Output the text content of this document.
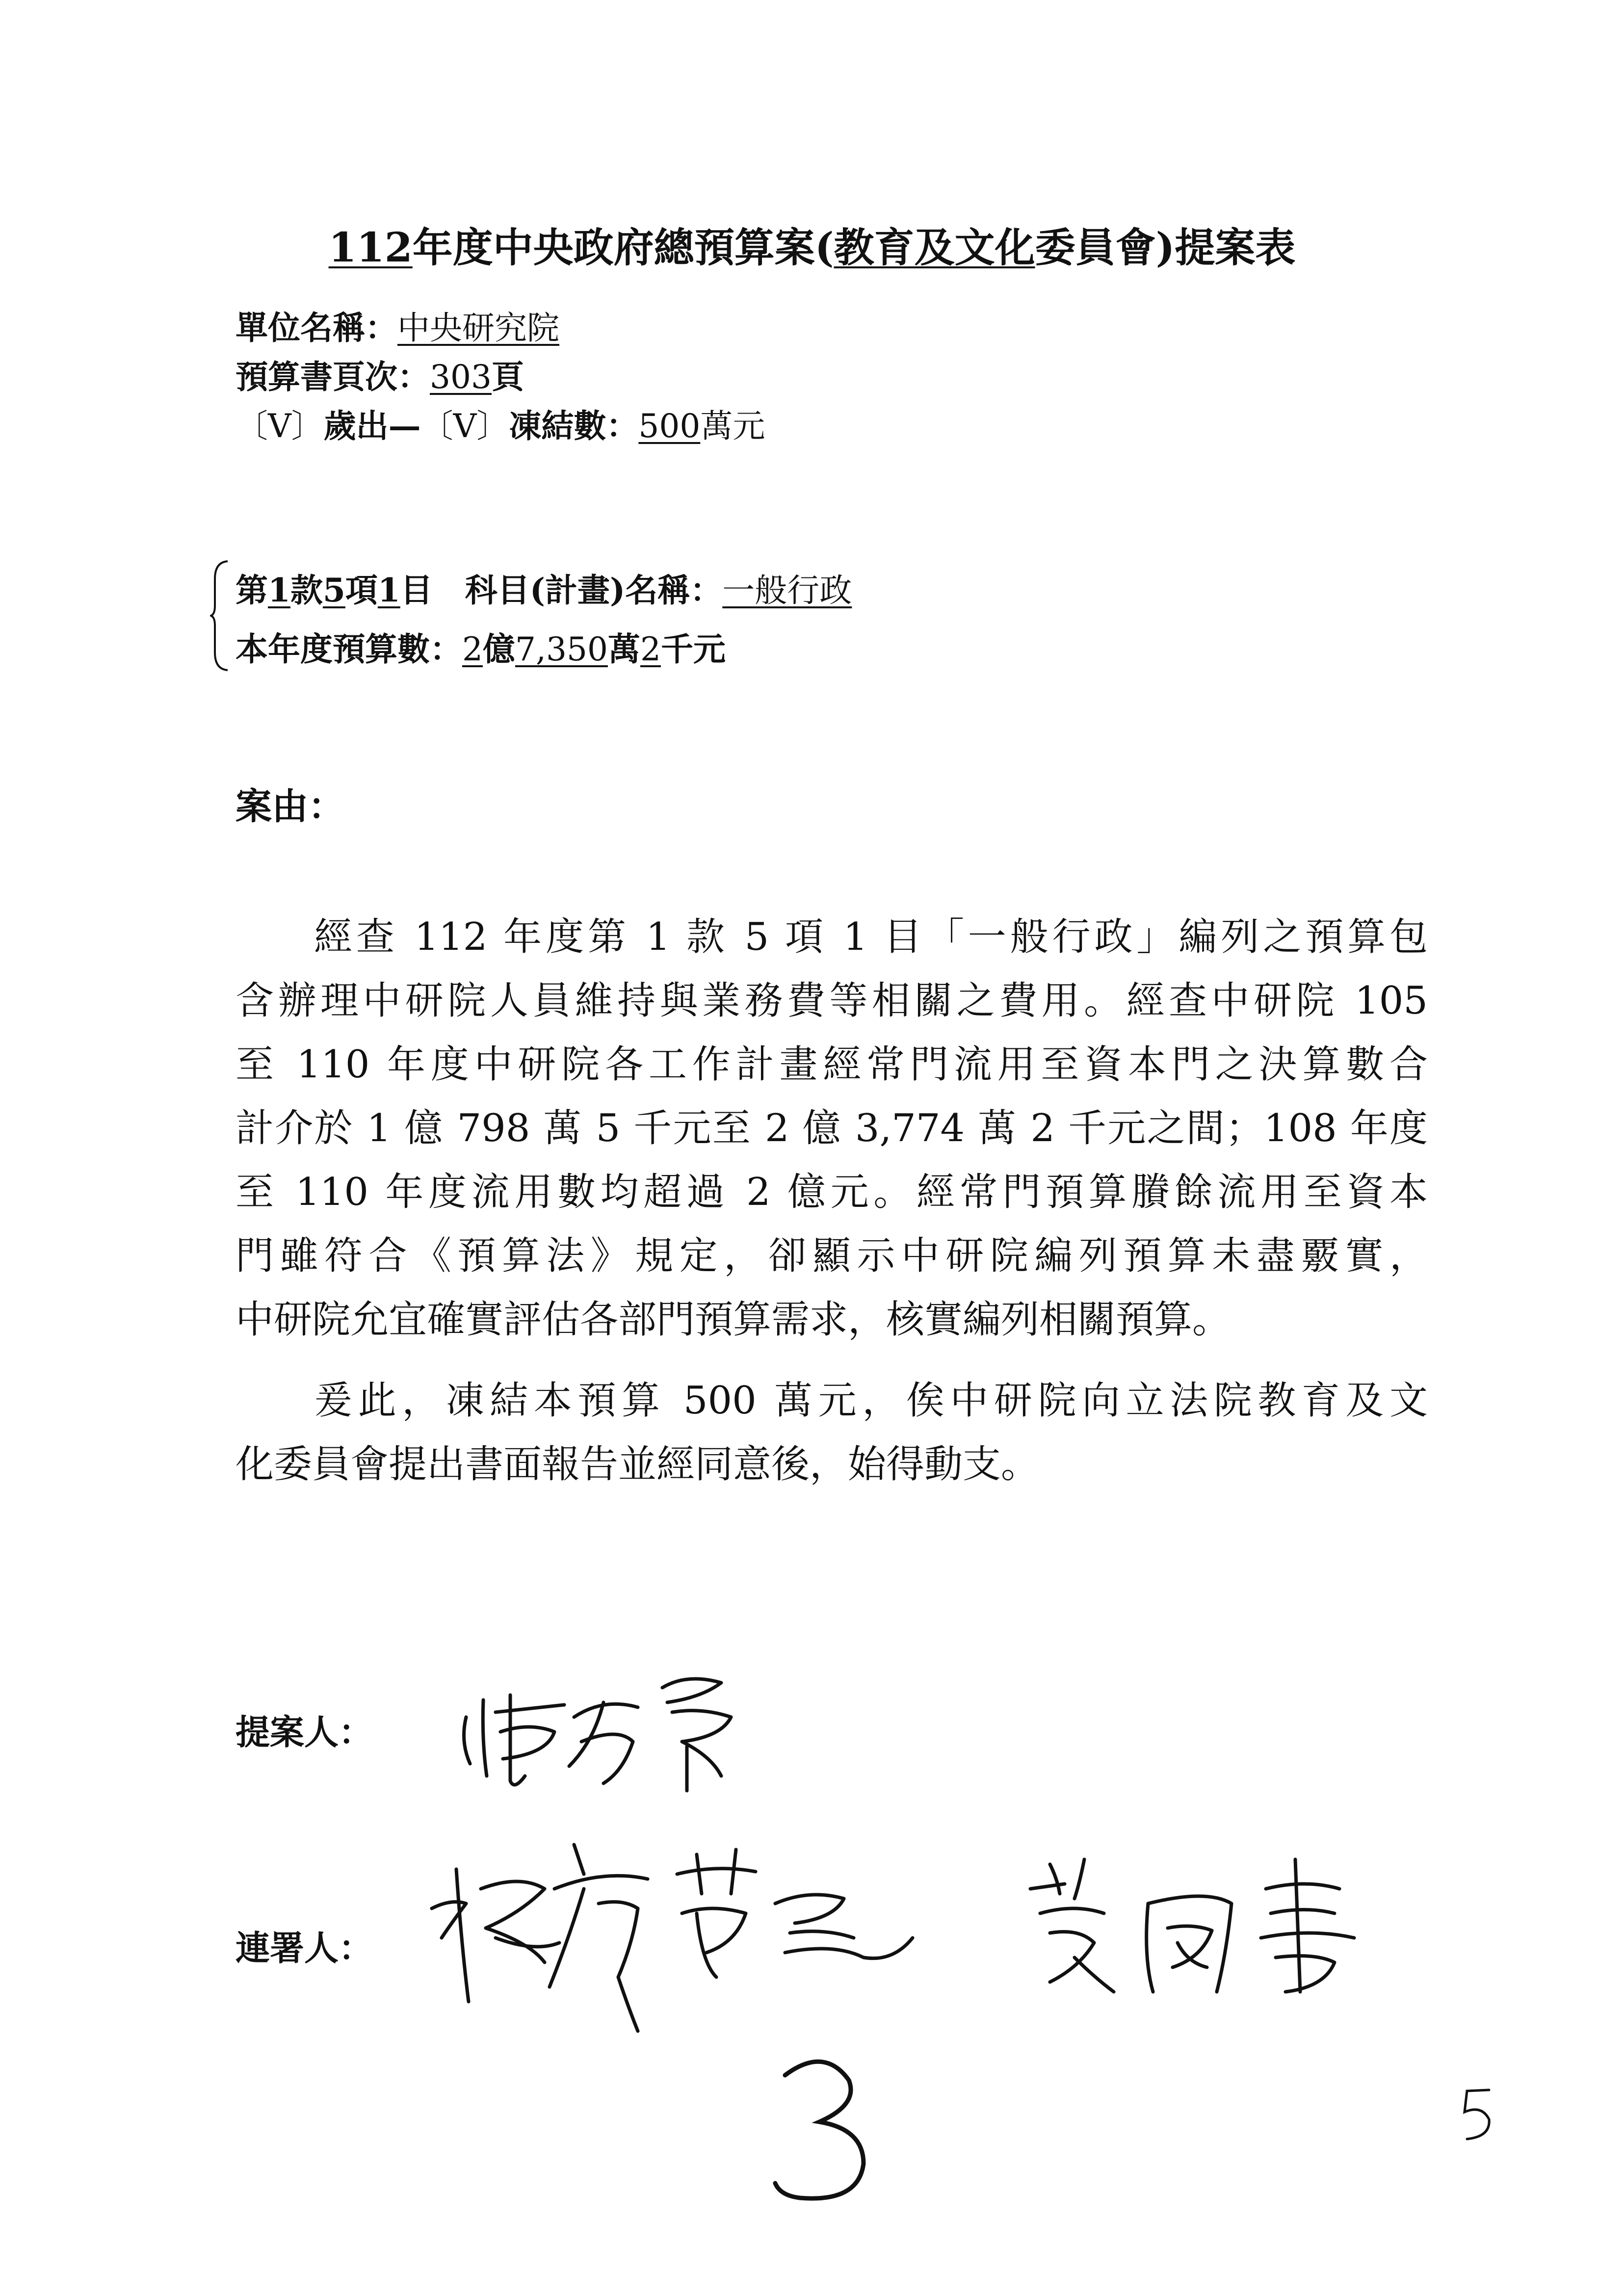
112年度中央政府總預算案(教育及文化委員會)提案表
單位名稱：中央研究院
預算書頁次：303頁
〔V〕歲出—〔V〕凍結數：500萬元
第1款5項1目　科目(計畫)名稱：一般行政
本年度預算數：2億7,350萬2千元
案由：
經查 112 年度第 1 款 5 項 1 目「一般行政」編列之預算包
含辦理中研院人員維持與業務費等相關之費用。經查中研院 105
至 110 年度中研院各工作計畫經常門流用至資本門之決算數合
計介於 1 億 798 萬 5 千元至 2 億 3,774 萬 2 千元之間；108 年度
至 110 年度流用數均超過 2 億元。經常門預算賸餘流用至資本
門雖符合《預算法》規定，卻顯示中研院編列預算未盡覈實，
中研院允宜確實評估各部門預算需求，核實編列相關預算。
爰此，凍結本預算 500 萬元，俟中研院向立法院教育及文
化委員會提出書面報告並經同意後，始得動支。
提案人：
連署人：
